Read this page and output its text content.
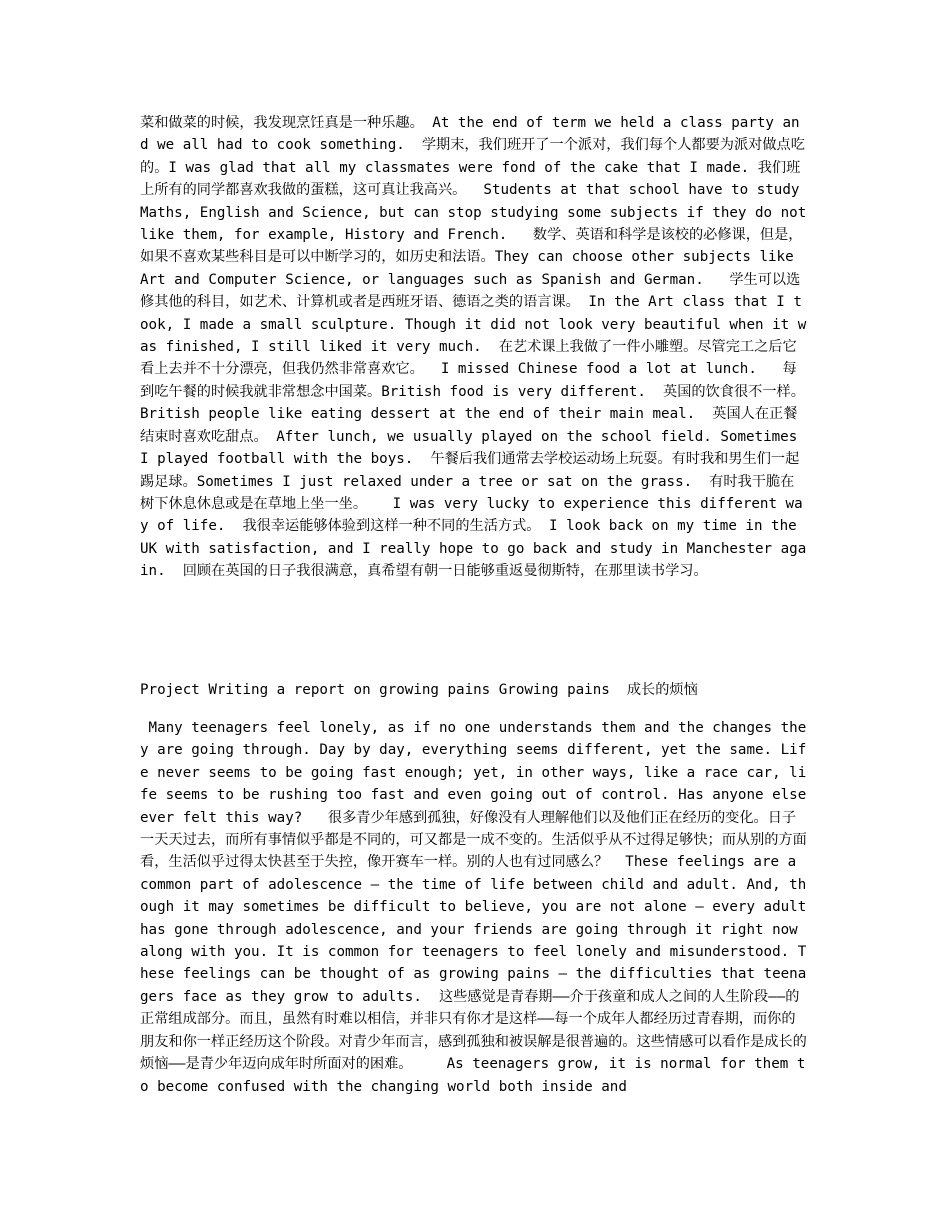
菜和做菜的时候，我发现烹饪真是一种乐趣。 At the end of term we held a class party and we all had to cook something.  学期末，我们班开了一个派对，我们每个人都要为派对做点吃的。I was glad that all my classmates were fond of the cake that I made. 我们班上所有的同学都喜欢我做的蛋糕，这可真让我高兴。  Students at that school have to study Maths, English and Science, but can stop studying some subjects if they do not like them, for example, History and French.   数学、英语和科学是该校的必修课，但是，如果不喜欢某些科目是可以中断学习的，如历史和法语。They can choose other subjects like Art and Computer Science, or languages such as Spanish and German.   学生可以选修其他的科目，如艺术、计算机或者是西班牙语、德语之类的语言课。 In the Art class that I took, I made a small sculpture. Though it did not look very beautiful when it was finished, I still liked it very much.  在艺术课上我做了一件小雕塑。尽管完工之后它看上去并不十分漂亮，但我仍然非常喜欢它。  I missed Chinese food a lot at lunch.   每到吃午餐的时候我就非常想念中国菜。British food is very different.  英国的饮食很不一样。 British people like eating dessert at the end of their main meal.  英国人在正餐结束时喜欢吃甜点。 After lunch, we usually played on the school field. Sometimes I played football with the boys.  午餐后我们通常去学校运动场上玩耍。有时我和男生们一起踢足球。Sometimes I just relaxed under a tree or sat on the grass.  有时我干脆在树下休息休息或是在草地上坐一坐。   I was very lucky to experience this different way of life.  我很幸运能够体验到这样一种不同的生活方式。 I look back on my time in the UK with satisfaction, and I really hope to go back and study in Manchester again.  回顾在英国的日子我很满意，真希望有朝一日能够重返曼彻斯特，在那里读书学习。

Project Writing a report on growing pains Growing pains  成长的烦恼

Many teenagers feel lonely, as if no one understands them and the changes they are going through. Day by day, everything seems different, yet the same. Life never seems to be going fast enough; yet, in other ways, like a race car, life seems to be rushing too fast and even going out of control. Has anyone else ever felt this way?   很多青少年感到孤独，好像没有人理解他们以及他们正在经历的变化。日子一天天过去，而所有事情似乎都是不同的，可又都是一成不变的。生活似乎从不过得足够快；而从别的方面看，生活似乎过得太快甚至于失控，像开赛车一样。别的人也有过同感么？  These feelings are a common part of adolescence – the time of life between child and adult. And, though it may sometimes be difficult to believe, you are not alone – every adult has gone through adolescence, and your friends are going through it right now along with you. It is common for teenagers to feel lonely and misunderstood. These feelings can be thought of as growing pains – the difficulties that teenagers face as they grow to adults.  这些感觉是青春期——介于孩童和成人之间的人生阶段——的正常组成部分。而且，虽然有时难以相信，并非只有你才是这样——每一个成年人都经历过青春期，而你的朋友和你一样正经历这个阶段。对青少年而言，感到孤独和被误解是很普遍的。这些情感可以看作是成长的烦恼——是青少年迈向成年时所面对的困难。    As teenagers grow, it is normal for them to become confused with the changing world both inside and
